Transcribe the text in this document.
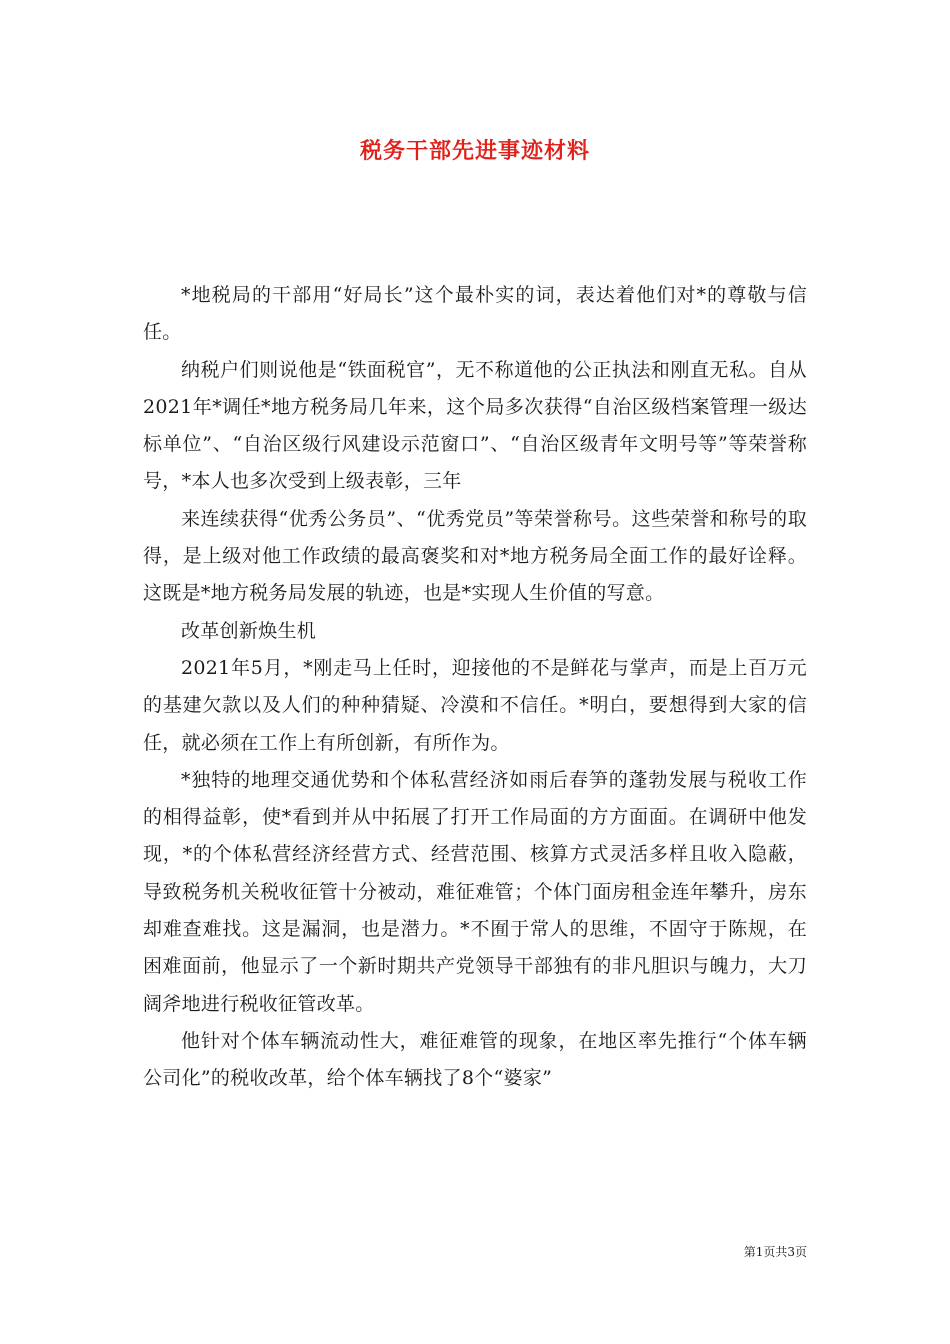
税务干部先进事迹材料

*地税局的干部用“好局长”这个最朴实的词，表达着他们对*的尊敬与信任。

纳税户们则说他是“铁面税官”，无不称道他的公正执法和刚直无私。自从2021年*调任*地方税务局几年来，这个局多次获得“自治区级档案管理一级达标单位”、“自治区级行风建设示范窗口”、“自治区级青年文明号等”等荣誉称号，*本人也多次受到上级表彰，三年

来连续获得“优秀公务员”、“优秀党员”等荣誉称号。这些荣誉和称号的取得，是上级对他工作政绩的最高褒奖和对*地方税务局全面工作的最好诠释。这既是*地方税务局发展的轨迹，也是*实现人生价值的写意。

改革创新焕生机

2021年5月，*刚走马上任时，迎接他的不是鲜花与掌声，而是上百万元的基建欠款以及人们的种种猜疑、冷漠和不信任。*明白，要想得到大家的信任，就必须在工作上有所创新，有所作为。

*独特的地理交通优势和个体私营经济如雨后春笋的蓬勃发展与税收工作的相得益彰，使*看到并从中拓展了打开工作局面的方方面面。在调研中他发现，*的个体私营经济经营方式、经营范围、核算方式灵活多样且收入隐蔽，导致税务机关税收征管十分被动，难征难管；个体门面房租金连年攀升，房东却难查难找。这是漏洞，也是潜力。*不囿于常人的思维，不固守于陈规，在困难面前，他显示了一个新时期共产党领导干部独有的非凡胆识与魄力，大刀阔斧地进行税收征管改革。

他针对个体车辆流动性大，难征难管的现象，在地区率先推行“个体车辆公司化”的税收改革，给个体车辆找了8个“婆家”

第1页共3页
